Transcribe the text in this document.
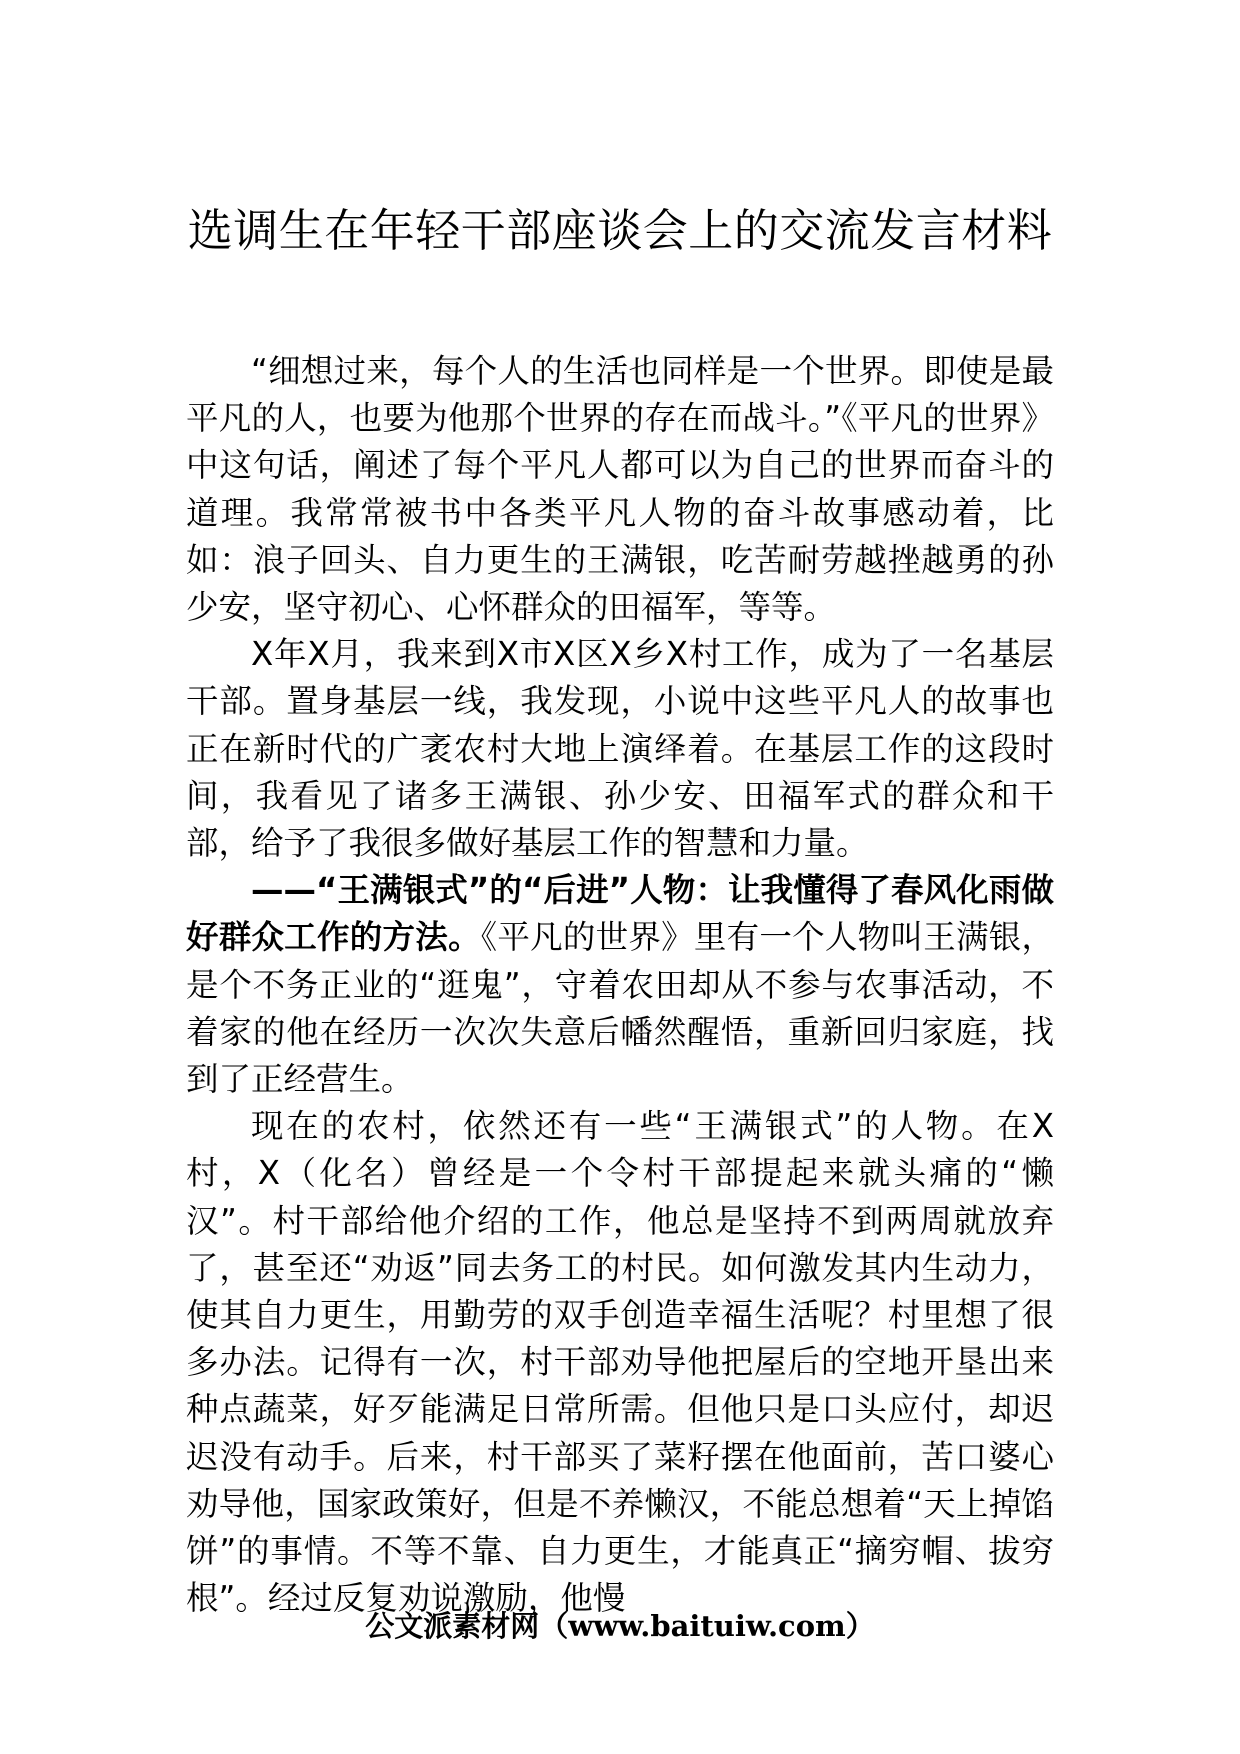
选调生在年轻干部座谈会上的交流发言材料

“细想过来，每个人的生活也同样是一个世界。即使是最平凡的人，也要为他那个世界的存在而战斗。”《平凡的世界》中这句话，阐述了每个平凡人都可以为自己的世界而奋斗的道理。我常常被书中各类平凡人物的奋斗故事感动着，比如：浪子回头、自力更生的王满银，吃苦耐劳越挫越勇的孙少安，坚守初心、心怀群众的田福军，等等。

X年X月，我来到X市X区X乡X村工作，成为了一名基层干部。置身基层一线，我发现，小说中这些平凡人的故事也正在新时代的广袤农村大地上演绎着。在基层工作的这段时间，我看见了诸多王满银、孙少安、田福军式的群众和干部，给予了我很多做好基层工作的智慧和力量。

——“王满银式”的“后进”人物：让我懂得了春风化雨做好群众工作的方法。《平凡的世界》里有一个人物叫王满银，是个不务正业的“逛鬼”，守着农田却从不参与农事活动，不着家的他在经历一次次失意后幡然醒悟，重新回归家庭，找到了正经营生。

现在的农村，依然还有一些“王满银式”的人物。在X村，X（化名）曾经是一个令村干部提起来就头痛的“懒汉”。村干部给他介绍的工作，他总是坚持不到两周就放弃了，甚至还“劝返”同去务工的村民。如何激发其内生动力，使其自力更生，用勤劳的双手创造幸福生活呢？村里想了很多办法。记得有一次，村干部劝导他把屋后的空地开垦出来种点蔬菜，好歹能满足日常所需。但他只是口头应付，却迟迟没有动手。后来，村干部买了菜籽摆在他面前，苦口婆心劝导他，国家政策好，但是不养懒汉，不能总想着“天上掉馅饼”的事情。不等不靠、自力更生，才能真正“摘穷帽、拔穷根”。经过反复劝说激励，他慢

公文派素材网（www.baituiw.com）
